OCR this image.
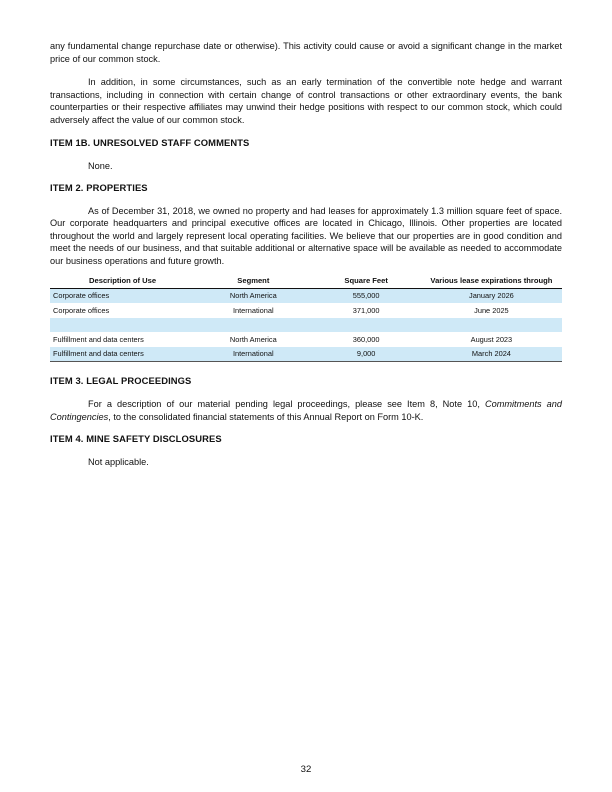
any fundamental change repurchase date or otherwise). This activity could cause or avoid a significant change in the market price of our common stock.

In addition, in some circumstances, such as an early termination of the convertible note hedge and warrant transactions, including in connection with certain change of control transactions or other extraordinary events, the bank counterparties or their respective affiliates may unwind their hedge positions with respect to our common stock, which could adversely affect the value of our common stock.

ITEM 1B. UNRESOLVED STAFF COMMENTS
None.
ITEM 2. PROPERTIES

As of December 31, 2018, we owned no property and had leases for approximately 1.3 million square feet of space. Our corporate headquarters and principal executive offices are located in Chicago, Illinois. Other properties are located throughout the world and largely represent local operating facilities. We believe that our properties are in good condition and meet the needs of our business, and that suitable additional or alternative space will be available as needed to accommodate our business operations and future growth.

Description of Use	Segment	Square Feet	Various lease expirations through
Corporate offices	North America	555,000	January 2026
Corporate offices	International	371,000	June 2025

Fulfillment and data centers	North America	360,000	August 2023
Fulfillment and data centers	International	9,000	March 2024
ITEM 3. LEGAL PROCEEDINGS

For a description of our material pending legal proceedings, please see Item 8, Note 10, Commitments and Contingencies, to the consolidated financial statements of this Annual Report on Form 10-K.

ITEM 4. MINE SAFETY DISCLOSURES
Not applicable.
32
